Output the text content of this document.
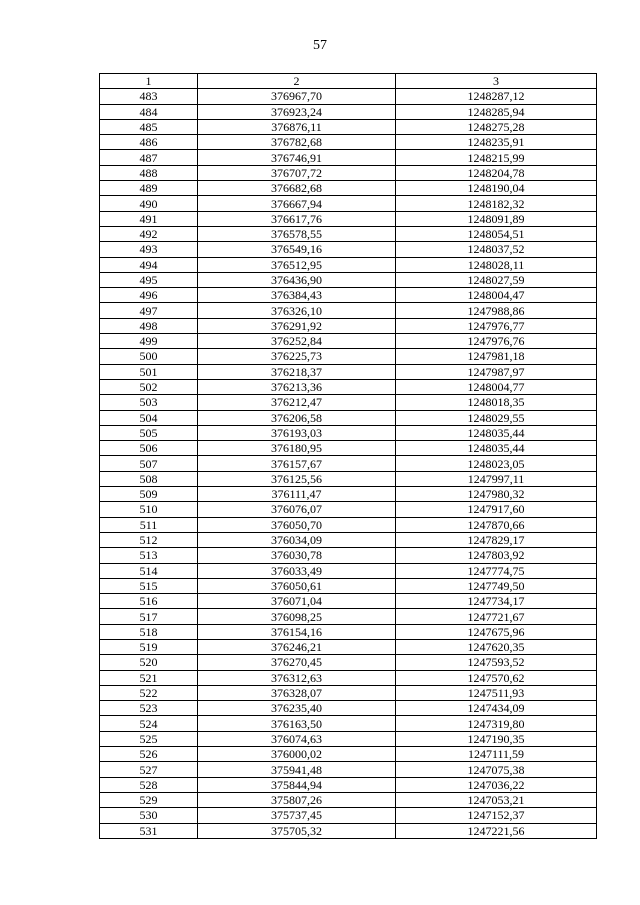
57
1	2	3
483	376967,70	1248287,12
484	376923,24	1248285,94
485	376876,11	1248275,28
486	376782,68	1248235,91
487	376746,91	1248215,99
488	376707,72	1248204,78
489	376682,68	1248190,04
490	376667,94	1248182,32
491	376617,76	1248091,89
492	376578,55	1248054,51
493	376549,16	1248037,52
494	376512,95	1248028,11
495	376436,90	1248027,59
496	376384,43	1248004,47
497	376326,10	1247988,86
498	376291,92	1247976,77
499	376252,84	1247976,76
500	376225,73	1247981,18
501	376218,37	1247987,97
502	376213,36	1248004,77
503	376212,47	1248018,35
504	376206,58	1248029,55
505	376193,03	1248035,44
506	376180,95	1248035,44
507	376157,67	1248023,05
508	376125,56	1247997,11
509	376111,47	1247980,32
510	376076,07	1247917,60
511	376050,70	1247870,66
512	376034,09	1247829,17
513	376030,78	1247803,92
514	376033,49	1247774,75
515	376050,61	1247749,50
516	376071,04	1247734,17
517	376098,25	1247721,67
518	376154,16	1247675,96
519	376246,21	1247620,35
520	376270,45	1247593,52
521	376312,63	1247570,62
522	376328,07	1247511,93
523	376235,40	1247434,09
524	376163,50	1247319,80
525	376074,63	1247190,35
526	376000,02	1247111,59
527	375941,48	1247075,38
528	375844,94	1247036,22
529	375807,26	1247053,21
530	375737,45	1247152,37
531	375705,32	1247221,56
